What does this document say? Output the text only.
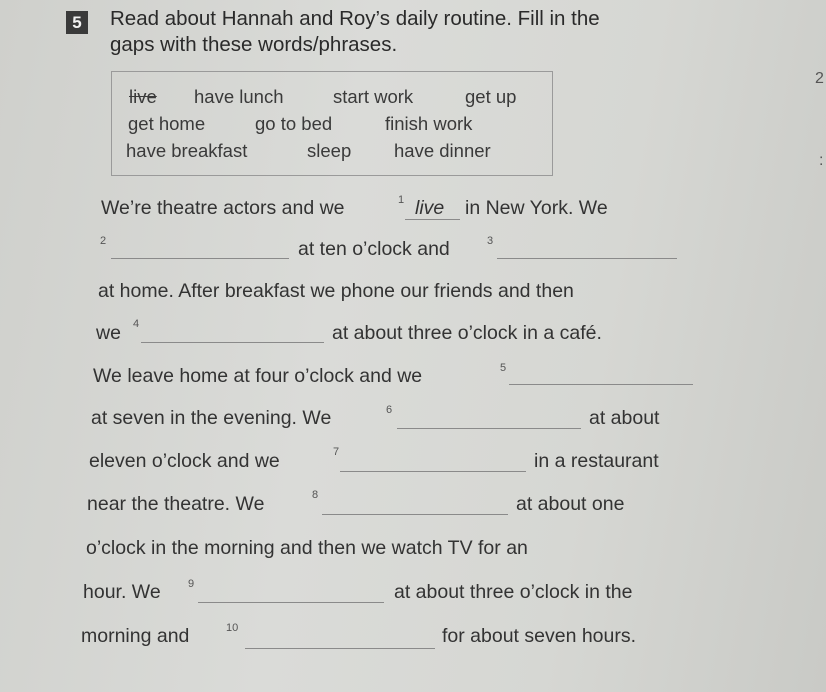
5	Read about Hannah and Roy’s daily routine. Fill in the
gaps with these words/phrases.
live have lunch	start work	get up
get home	go to bed	finish work
have breakfast	sleep have dinner
We’re theatre actors and we	1 live in New York. We
2	at ten o’clock and	3
at home. After breakfast we phone our friends and then
we 4	at about three o’clock in a café.
We leave home at four o’clock and we	5
at seven in the evening. We	6	at about
eleven o’clock and we	7	in a restaurant
near the theatre. We	8	at about one
o’clock in the morning and then we watch TV for an
hour. We 9	at about three o’clock in the
morning and	10	for about seven hours.
2
:
